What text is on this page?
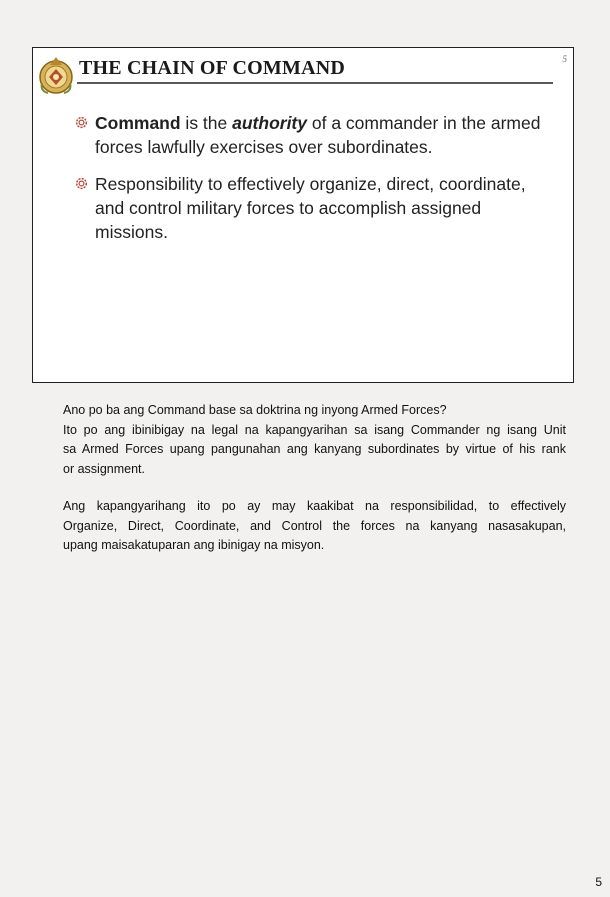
5
THE CHAIN OF COMMAND
Command is the authority of a commander in the armed forces lawfully exercises over subordinates.
Responsibility to effectively organize, direct, coordinate, and control military forces to accomplish assigned missions.
Ano po ba ang Command base sa doktrina ng inyong Armed Forces?
Ito po ang ibinibigay na legal na kapangyarihan sa isang Commander ng isang Unit
sa Armed Forces upang pangunahan ang kanyang subordinates by virtue of his rank
or assignment.
Ang kapangyarihang ito po ay may kaakibat na responsibilidad, to effectively
Organize, Direct, Coordinate, and Control the forces na kanyang nasasakupan,
upang maisakatuparan ang ibinigay na misyon.
5
